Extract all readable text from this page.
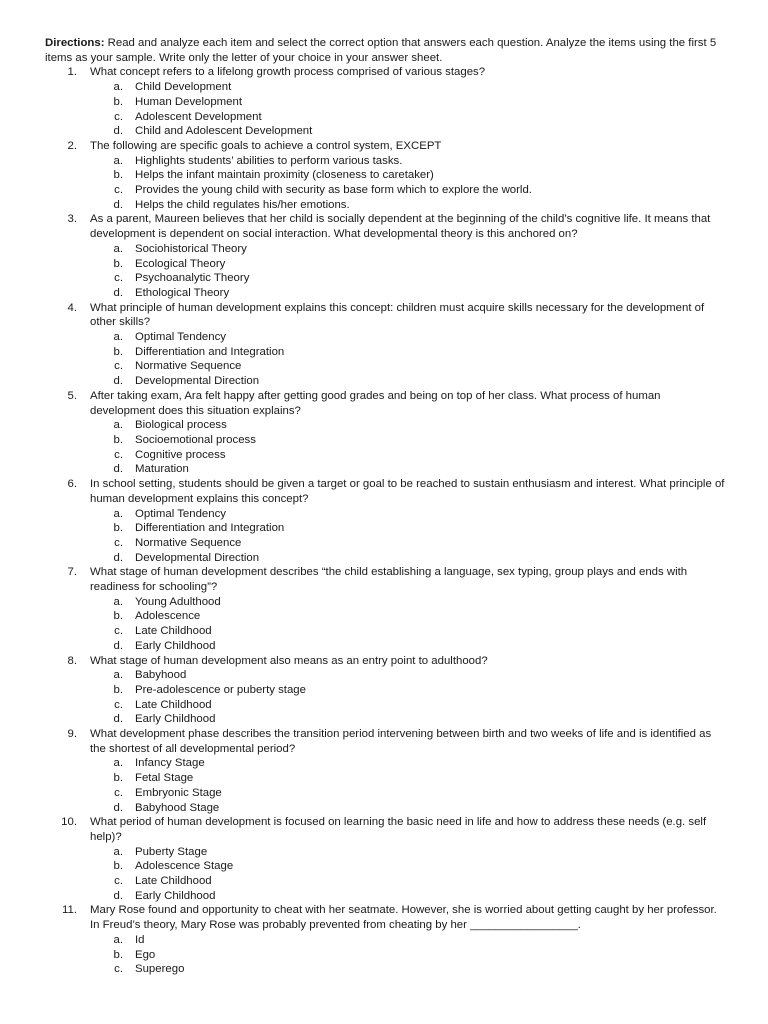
Directions: Read and analyze each item and select the correct option that answers each question. Analyze the items using the first 5 items as your sample. Write only the letter of your choice in your answer sheet.

1. What concept refers to a lifelong growth process comprised of various stages?
a. Child Development
b. Human Development
c. Adolescent Development
d. Child and Adolescent Development
2. The following are specific goals to achieve a control system, EXCEPT
a. Highlights students’ abilities to perform various tasks.
b. Helps the infant maintain proximity (closeness to caretaker)
c. Provides the young child with security as base form which to explore the world.
d. Helps the child regulates his/her emotions.
3. As a parent, Maureen believes that her child is socially dependent at the beginning of the child’s cognitive life. It means that development is dependent on social interaction. What developmental theory is this anchored on?
a. Sociohistorical Theory
b. Ecological Theory
c. Psychoanalytic Theory
d. Ethological Theory
4. What principle of human development explains this concept: children must acquire skills necessary for the development of other skills?
a. Optimal Tendency
b. Differentiation and Integration
c. Normative Sequence
d. Developmental Direction
5. After taking exam, Ara felt happy after getting good grades and being on top of her class. What process of human development does this situation explains?
a. Biological process
b. Socioemotional process
c. Cognitive process
d. Maturation
6. In school setting, students should be given a target or goal to be reached to sustain enthusiasm and interest. What principle of human development explains this concept?
a. Optimal Tendency
b. Differentiation and Integration
c. Normative Sequence
d. Developmental Direction
7. What stage of human development describes “the child establishing a language, sex typing, group plays and ends with readiness for schooling”?
a. Young Adulthood
b. Adolescence
c. Late Childhood
d. Early Childhood
8. What stage of human development also means as an entry point to adulthood?
a. Babyhood
b. Pre-adolescence or puberty stage
c. Late Childhood
d. Early Childhood
9. What development phase describes the transition period intervening between birth and two weeks of life and is identified as the shortest of all developmental period?
a. Infancy Stage
b. Fetal Stage
c. Embryonic Stage
d. Babyhood Stage
10. What period of human development is focused on learning the basic need in life and how to address these needs (e.g. self help)?
a. Puberty Stage
b. Adolescence Stage
c. Late Childhood
d. Early Childhood
11. Mary Rose found and opportunity to cheat with her seatmate. However, she is worried about getting caught by her professor. In Freud’s theory, Mary Rose was probably prevented from cheating by her _________________.
a. Id
b. Ego
c. Superego
